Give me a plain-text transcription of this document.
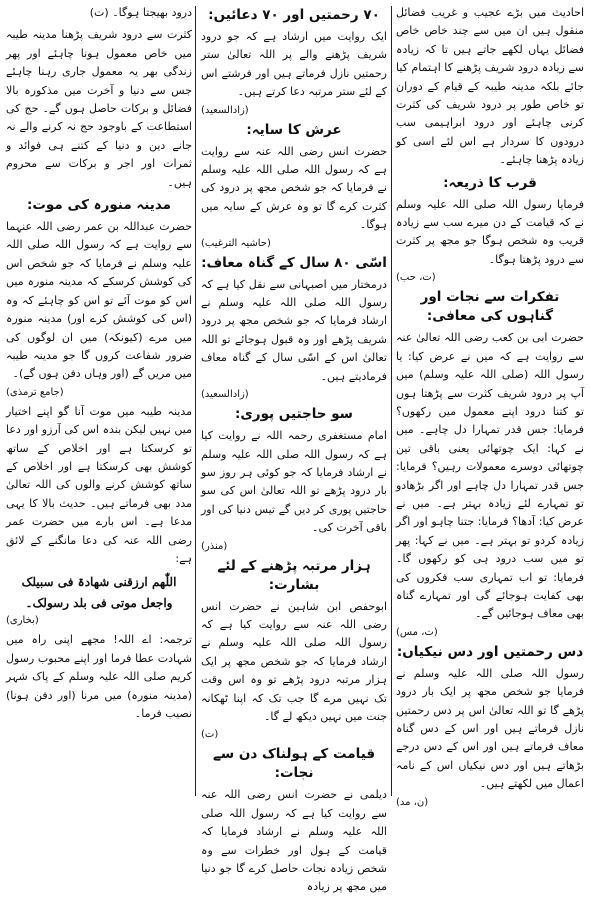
احادیث میں بڑے عجیب و غریب فضائل منقول ہیں ان میں سے چند خاص خاص فضائل یہاں لکھے جاتے ہیں تا کہ زیادہ سے زیادہ درود شریف پڑھنے کا اہتمام کیا جائے بلکہ مدینہ طیبہ کے قیام کے دوران تو خاص طور پر درود شریف کی کثرت کرنی چاہئے اور درود ابراہیمی سب درودوں کا سردار ہے اس لئے اسی کو زیادہ پڑھنا چاہئے۔

قرب کا ذریعہ:

فرمایا رسول اللہ صلی اللہ علیہ وسلم نے کہ قیامت کے دن میرے سب سے زیادہ قریب وہ شخص ہوگا جو مجھ پر کثرت سے درود پڑھتا ہوگا۔

(ت، حب)
تفکرات سے نجات اور گناہوں کی معافی:

حضرت ابی بن کعب رضی اللہ تعالیٰ عنہ سے روایت ہے کہ میں نے عرض کیا: یا رسول اللہ (صلی اللہ علیہ وسلم) میں آپ پر درود شریف کثرت سے پڑھتا ہوں تو کتنا درود اپنے معمول میں رکھوں؟ فرمایا: جس قدر تمہارا دل چاہے۔ میں نے کہا: ایک چوتھائی یعنی باقی تین چوتھائی دوسرے معمولات رہیں؟ فرمایا: جس قدر تمہارا دل چاہے اور اگر بڑھادو تو تمہارے لئے زیادہ بہتر ہے۔ میں نے عرض کیا: آدھا؟ فرمایا: جتنا چاہو اور اگر زیادہ کردو تو بہتر ہے۔ میں نے کہا: پھر تو میں سب درود ہی کو رکھوں گا۔ فرمایا: تو اب تمہاری سب فکروں کی بھی کفایت ہوجائے گی اور تمہارے گناہ بھی معاف ہوجائیں گے۔

(ت، مس)
دس رحمتیں اور دس نیکیاں:

رسول اللہ صلی اللہ علیہ وسلم نے فرمایا جو شخص مجھ پر ایک بار درود پڑھے گا تو اللہ تعالیٰ اس پر دس رحمتیں نازل فرماتے ہیں اور اس کے دس گناہ معاف فرماتے ہیں اور اس کے دس درجے بڑھاتے ہیں اور دس نیکیاں اس کے نامہ اعمال میں لکھتے ہیں۔

(ن، مد)
۷۰ رحمتیں اور ۷۰ دعائیں:

ایک روایت میں ارشاد ہے کہ جو درود شریف پڑھنے والے پر اللہ تعالیٰ ستر رحمتیں نازل فرماتے ہیں اور فرشتے اس کے لئے ستر مرتبہ دعا کرتے ہیں۔

(زادالسعید)
عرش کا سایہ:

حضرت انس رضی اللہ عنہ سے روایت ہے کہ رسول اللہ صلی اللہ علیہ وسلم نے فرمایا کہ جو شخص مجھ پر درود کی کثرت کرے گا تو وہ عرش کے سایہ میں ہوگا۔

(حاشیہ الترغیب)
اسّی ۸۰ سال کے گناہ معاف:

درمختار میں اصبہانی سے نقل کیا ہے کہ رسول اللہ صلی اللہ علیہ وسلم نے ارشاد فرمایا کہ جو شخص مجھ پر درود شریف پڑھے اور وہ قبول ہوجائے تو اللہ تعالیٰ اس کے اسّی سال کے گناہ معاف فرمادیتے ہیں۔

(زادالسعید)
سو حاجتیں پوری:

امام مستغفری رحمہ اللہ نے روایت کیا ہے کہ رسول اللہ صلی اللہ علیہ وسلم نے ارشاد فرمایا کہ جو کوئی ہر روز سو بار درود پڑھے تو اللہ تعالیٰ اس کی سو حاجتیں پوری کر دیں گے تیس دنیا کی اور باقی آخرت کی۔

(منذر)
ہزار مرتبہ پڑھنے کے لئے بشارت:

ابوحفص ابن شاہین نے حضرت انس رضی اللہ عنہ سے روایت کیا ہے کہ رسول اللہ صلی اللہ علیہ وسلم نے ارشاد فرمایا کہ جو شخص مجھ پر ایک ہزار مرتبہ درود پڑھے تو وہ اس وقت تک نہیں مرے گا جب تک کہ اپنا ٹھکانہ جنت میں نہیں دیکھ لے گا۔

(ت)
قیامت کے ہولناک دن سے نجات:

دیلمی نے حضرت انس رضی اللہ عنہ سے روایت کیا ہے کہ رسول اللہ صلی اللہ علیہ وسلم نے ارشاد فرمایا کہ قیامت کے ہول اور خطرات سے وہ شخص زیادہ نجات حاصل کرے گا جو دنیا میں مجھ پر زیادہ

درود بھیجتا ہوگا۔ (ت)

کثرت سے درود شریف پڑھنا مدینہ طیبہ میں خاص معمول ہونا چاہئے اور پھر زندگی بھر یہ معمول جاری رہنا چاہئے جس سے دنیا و آخرت میں مذکورہ بالا فضائل و برکات حاصل ہوں گے۔ حج کی استطاعت کے باوجود حج نہ کرنے والے نہ جانے دین و دنیا کے کتنے ہی فوائد و ثمرات اور اجر و برکات سے محروم ہیں۔

مدینہ منورہ کی موت:

حضرت عبداللہ بن عمر رضی اللہ عنہما سے روایت ہے کہ رسول اللہ صلی اللہ علیہ وسلم نے فرمایا کہ جو شخص اس کی کوشش کرسکے کہ مدینہ منورہ میں اس کو موت آئے تو اس کو چاہئے کہ وہ (اس کی کوشش کرے اور) مدینہ منورہ میں مرے (کیونکہ) میں ان لوگوں کی ضرور شفاعت کروں گا جو مدینہ طیبہ میں مریں گے (اور وہاں دفن ہوں گے)۔

(جامع ترمذی)

مدینہ طیبہ میں موت آنا گو اپنے اختیار میں نہیں لیکن بندہ اس کی آرزو اور دعا تو کرسکتا ہے اور اخلاص کے ساتھ کوشش بھی کرسکتا ہے اور اخلاص کے ساتھ کوشش کرنے والوں کی اللہ تعالیٰ مدد بھی فرماتے ہیں۔ حدیث بالا کا یہی مدعا ہے۔ اس بارے میں حضرت عمر رضی اللہ عنہ کی دعا مانگنے کے لائق ہے:

اللّٰھم ارزقنی شھادۃ فی سبیلک واجعل موتی فی بلد رسولک۔

(بخاری)

ترجمہ: اے اللہ! مجھے اپنی راہ میں شہادت عطا فرما اور اپنے محبوب رسول کریم صلی اللہ علیہ وسلم کے پاک شہر (مدینہ منورہ) میں مرنا (اور دفن ہونا) نصیب فرما۔
